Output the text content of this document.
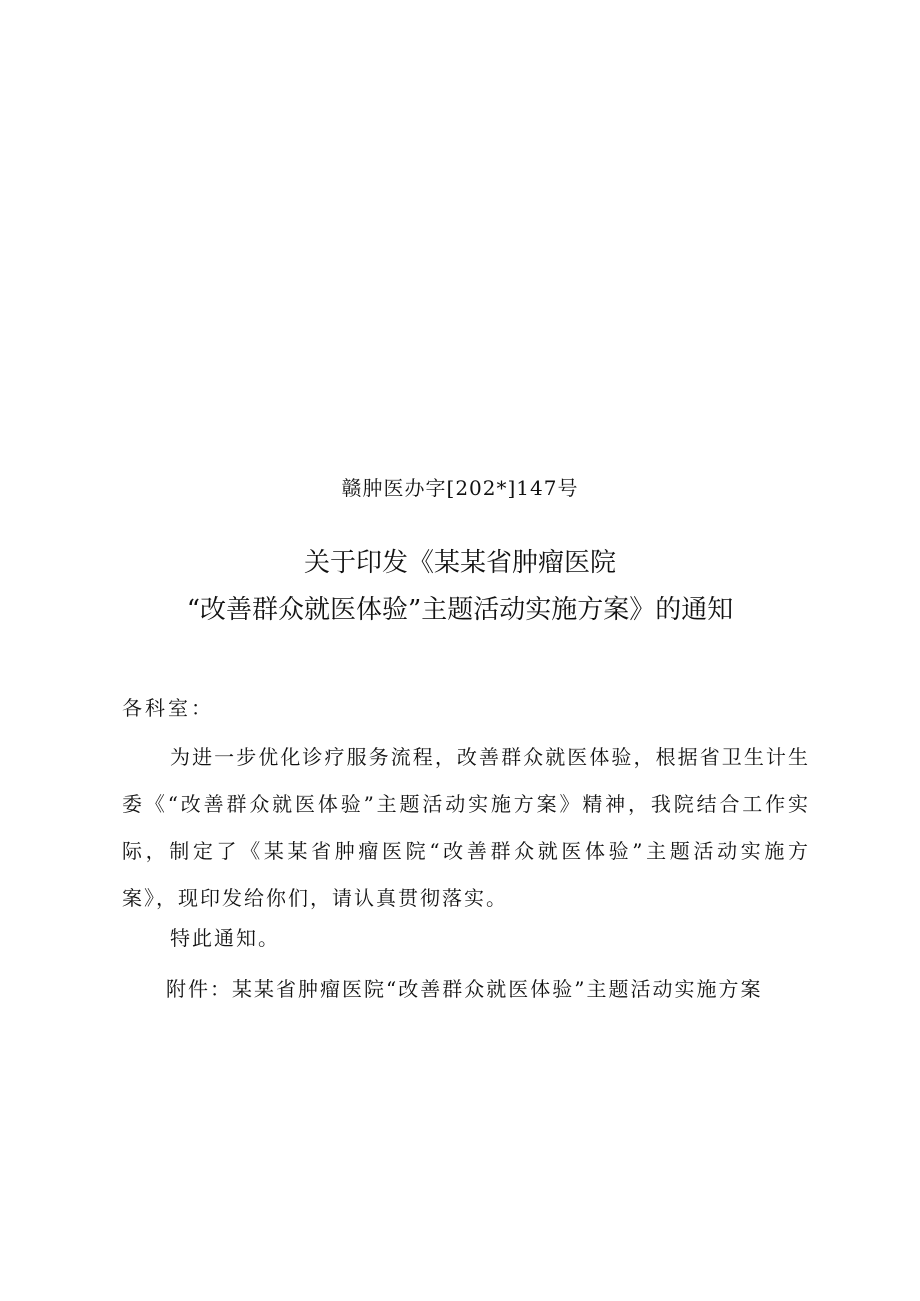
赣肿医办字[202*]147号

关于印发《某某省肿瘤医院
“改善群众就医体验”主题活动实施方案》的通知

各科室：

为进一步优化诊疗服务流程，改善群众就医体验，根据省卫生计生委《“改善群众就医体验”主题活动实施方案》精神，我院结合工作实际，制定了《某某省肿瘤医院“改善群众就医体验”主题活动实施方案》，现印发给你们，请认真贯彻落实。

特此通知。

附件：某某省肿瘤医院“改善群众就医体验”主题活动实施方案
